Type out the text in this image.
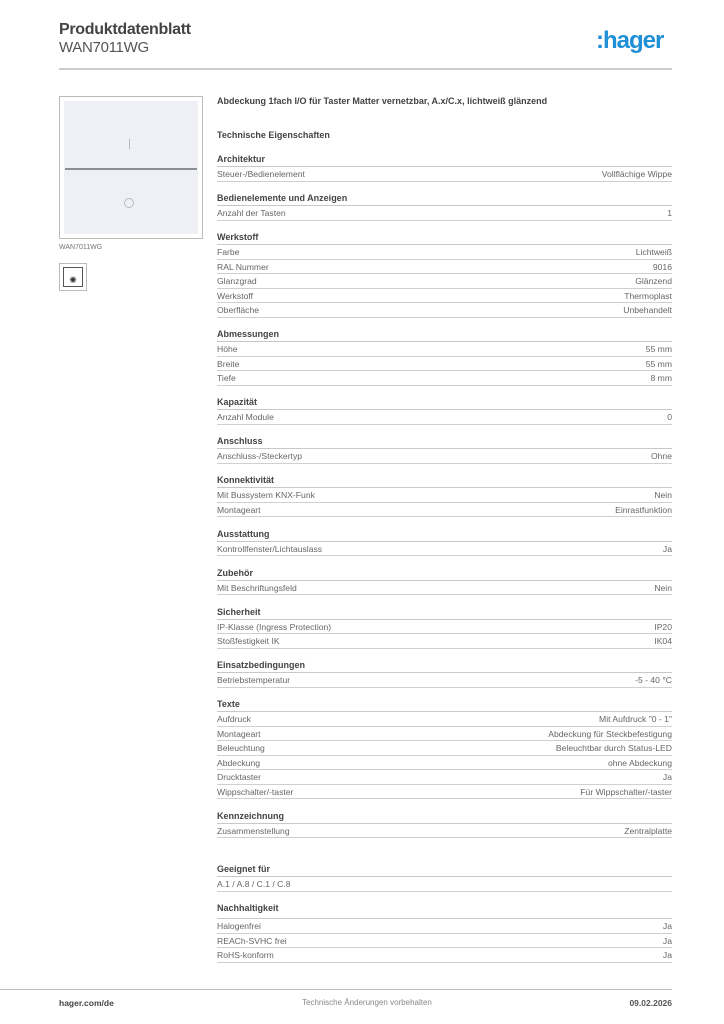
Produktdatenblatt
WAN7011WG	:hager
WAN7011WG
✺
Abdeckung 1fach I/O für Taster Matter vernetzbar, A.x/C.x, lichtweiß glänzend
Technische Eigenschaften
Architektur
Steuer-/Bedienelement	Vollflächige Wippe
Bedienelemente und Anzeigen
Anzahl der Tasten	1
Werkstoff
Farbe	Lichtweiß
RAL Nummer	9016
Glanzgrad	Glänzend
Werkstoff	Thermoplast
Oberfläche	Unbehandelt
Abmessungen
Höhe	55 mm
Breite	55 mm
Tiefe	8 mm
Kapazität
Anzahl Module	0
Anschluss
Anschluss-/Steckertyp	Ohne
Konnektivität
Mit Bussystem KNX-Funk	Nein
Montageart	Einrastfunktion
Ausstattung
Kontrollfenster/Lichtauslass	Ja
Zubehör
Mit Beschriftungsfeld	Nein
Sicherheit
IP-Klasse (Ingress Protection)	IP20
Stoßfestigkeit IK	IK04
Einsatzbedingungen
Betriebstemperatur	-5 - 40 °C
Texte
Aufdruck	Mit Aufdruck "0 - 1"
Montageart	Abdeckung für Steckbefestigung
Beleuchtung	Beleuchtbar durch Status-LED
Abdeckung	ohne Abdeckung
Drucktaster	Ja
Wippschalter/-taster	Für Wippschalter/-taster
Kennzeichnung
Zusammenstellung	Zentralplatte
Geeignet für
A.1 / A.8 / C.1 / C.8
Nachhaltigkeit
Halogenfrei	Ja
REACh-SVHC frei	Ja
RoHS-konform	Ja
hager.com/de	Technische Änderungen vorbehalten	09.02.2026
